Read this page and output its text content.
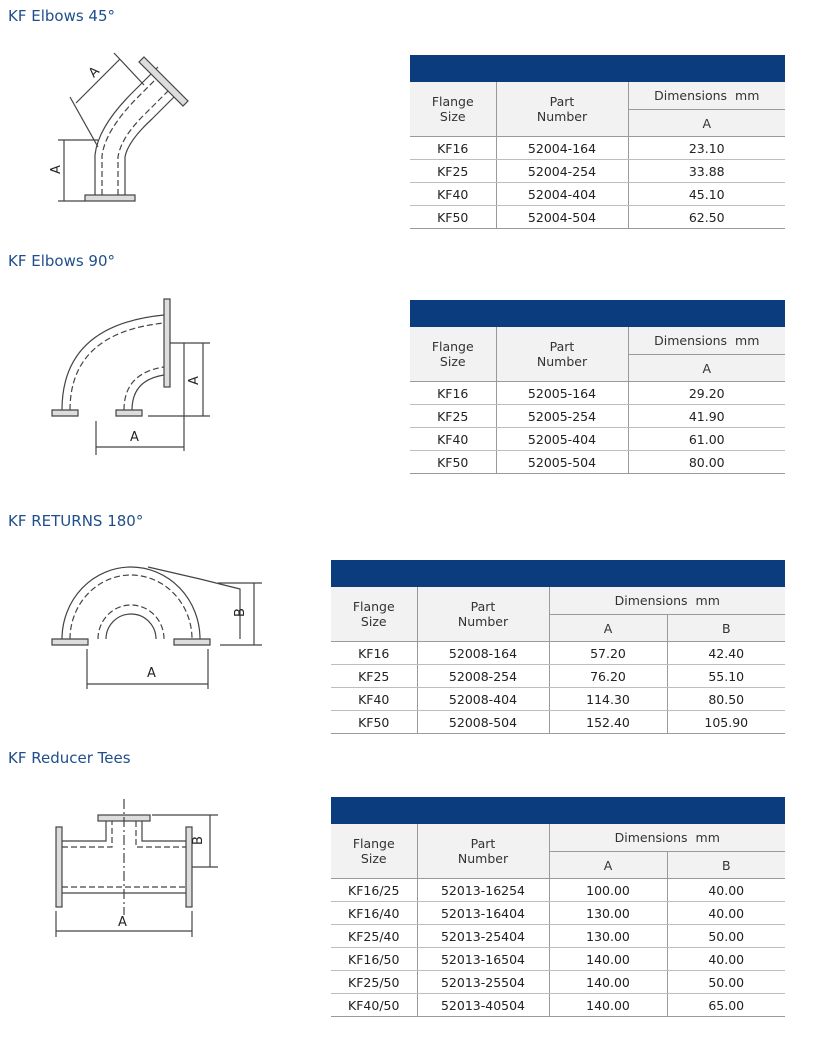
KF Elbows 45°
A
A
Flange
Size	Part
Number	Dimensions  mm
		A
KF16	52004-164	23.10
KF25	52004-254	33.88
KF40	52004-404	45.10
KF50	52004-504	62.50
KF Elbows 90°
A
A
Flange
Size	Part
Number	Dimensions  mm
		A
KF16	52005-164	29.20
KF25	52005-254	41.90
KF40	52005-404	61.00
KF50	52005-504	80.00
KF RETURNS 180°
A
B	Flange
Size	Part
Number	Dimensions  mm	
		A	B
KF16	52008-164	57.20	42.40
KF25	52008-254	76.20	55.10
KF40	52008-404	114.30	80.50
KF50	52008-504	152.40	105.90
KF Reducer Tees
A
B	Flange
Size	Part
Number	Dimensions  mm	
		A	B
KF16/25	52013-16254	100.00	40.00
KF16/40	52013-16404	130.00	40.00
KF25/40	52013-25404	130.00	50.00
KF16/50	52013-16504	140.00	40.00
KF25/50	52013-25504	140.00	50.00
KF40/50	52013-40504	140.00	65.00
